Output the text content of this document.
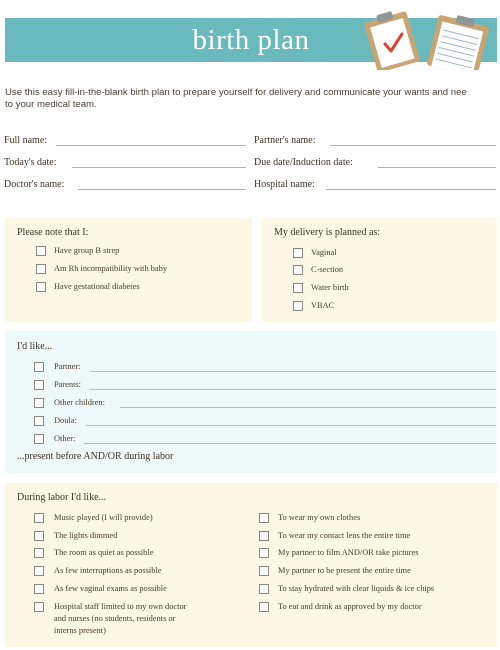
birth plan
Use this easy fill-in-the-blank birth plan to prepare yourself for delivery and communicate your wants and nee
to your medical team.
Full name:	Partner's name:
Today's date:	Due date/Induction date:
Doctor's name:	Hospital name:
Please note that I:
Have group B strep
Am Rh incompatibility with baby
Have gestational diabetes
My delivery is planned as:
Vaginal
C-section
Water birth
VBAC
I'd like...
Partner:
Parents:
Other children:
Doula:
Other:
...present before AND/OR during labor
During labor I'd like...
Music played (I will provide)
The lights dimmed
The room as quiet as possible
As few interruptions as possible
As few vaginal exams as possible
Hospital staff limited to my own doctor
and nurses (no students, residents or
interns present)
To wear my own clothes
To wear my contact lens the entire time
My partner to film AND/OR take pictures
My partner to be present the entire time
To stay hydrated with clear liquids & ice chips
To eat and drink as approved by my doctor
